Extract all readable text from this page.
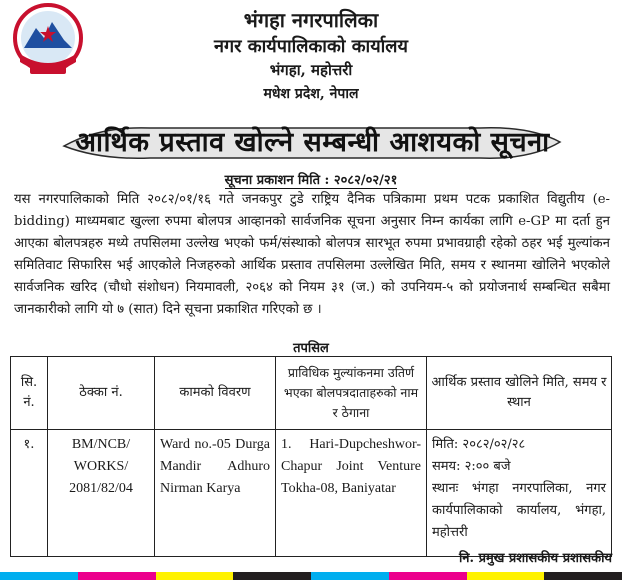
भंगहा नगरपालिका
नगर कार्यपालिकाको कार्यालय
भंगहा, महोत्तरी
मधेश प्रदेश, नेपाल
आर्थिक प्रस्ताव खोल्ने सम्बन्धी आशयको सूचना
सूचना प्रकाशन मिति : २०८२/०२/२१
यस नगरपालिकाको मिति २०८२/०१/१६ गते जनकपुर टुडे राष्ट्रिय दैनिक पत्रिकामा प्रथम पटक प्रकाशित विद्युतीय (e-bidding) माध्यमबाट खुल्ला रुपमा बोलपत्र आव्हानको सार्वजनिक सूचना अनुसार निम्न कार्यका लागि e-GP मा दर्ता हुन आएका बोलपत्रहरु मध्ये तपसिलमा उल्लेख भएको फर्म/संस्थाको बोलपत्र सारभूत रुपमा प्रभावग्राही रहेको ठहर भई मुल्यांकन समितिवाट सिफारिस भई आएकोले निजहरुको आर्थिक प्रस्ताव तपसिलमा उल्लेखित मिति, समय र स्थानमा खोलिने भएकोले सार्वजनिक खरिद (चौधो संशोधन) नियमावली, २०६४ को नियम ३१ (ज.) को उपनियम-५ को प्रयोजनार्थ सम्बन्धित सबैमा जानकारीको लागि यो ७ (सात) दिने सूचना प्रकाशित गरिएको छ ।
तपसिल
सि. नं.	ठेक्का नं.	कामको विवरण	प्राविधिक मुल्यांकनमा उतिर्ण भएका बोलपत्रदाताहरुको नाम र ठेगाना	आर्थिक प्रस्ताव खोलिने मिति, समय र स्थान
१.	BM/NCB/ WORKS/ 2081/82/04	Ward no.-05 Durga Mandir Adhuro Nirman Karya	1. Hari-Dupcheshwor-Chapur Joint Venture Tokha-08, Baniyatar	मिति: २०८२/०२/२८
समय: २:०० बजे
स्थानः भंगहा नगरपालिका, नगर कार्यपालिकाको कार्यालय, भंगहा, महोत्तरी
नि. प्रमुख प्रशासकीय प्रशासकीय
